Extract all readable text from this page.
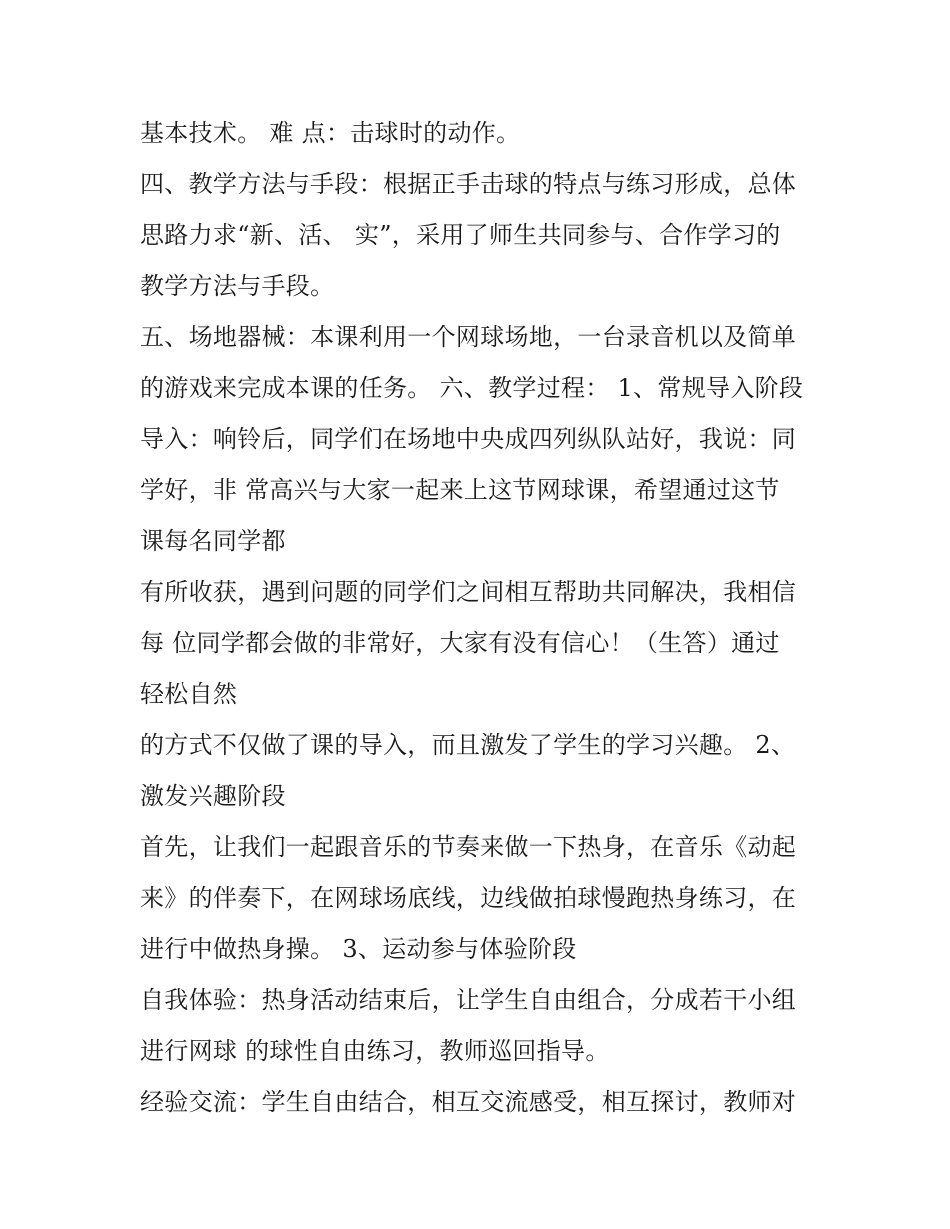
基本技术。 难 点：击球时的动作。
四、教学方法与手段：根据正手击球的特点与练习形成，总体
思路力求“新、活、 实”，采用了师生共同参与、合作学习的
教学方法与手段。
五、场地器械：本课利用一个网球场地，一台录音机以及简单
的游戏来完成本课的任务。 六、教学过程： 1、常规导入阶段
导入：响铃后，同学们在场地中央成四列纵队站好，我说：同
学好，非 常高兴与大家一起来上这节网球课，希望通过这节
课每名同学都
有所收获，遇到问题的同学们之间相互帮助共同解决，我相信
每 位同学都会做的非常好，大家有没有信心！（生答）通过
轻松自然
的方式不仅做了课的导入，而且激发了学生的学习兴趣。 2、
激发兴趣阶段
首先，让我们一起跟音乐的节奏来做一下热身，在音乐《动起
来》的伴奏下，在网球场底线，边线做拍球慢跑热身练习，在
进行中做热身操。 3、运动参与体验阶段
自我体验：热身活动结束后，让学生自由组合，分成若干小组
进行网球 的球性自由练习，教师巡回指导。
经验交流：学生自由结合，相互交流感受，相互探讨，教师对
